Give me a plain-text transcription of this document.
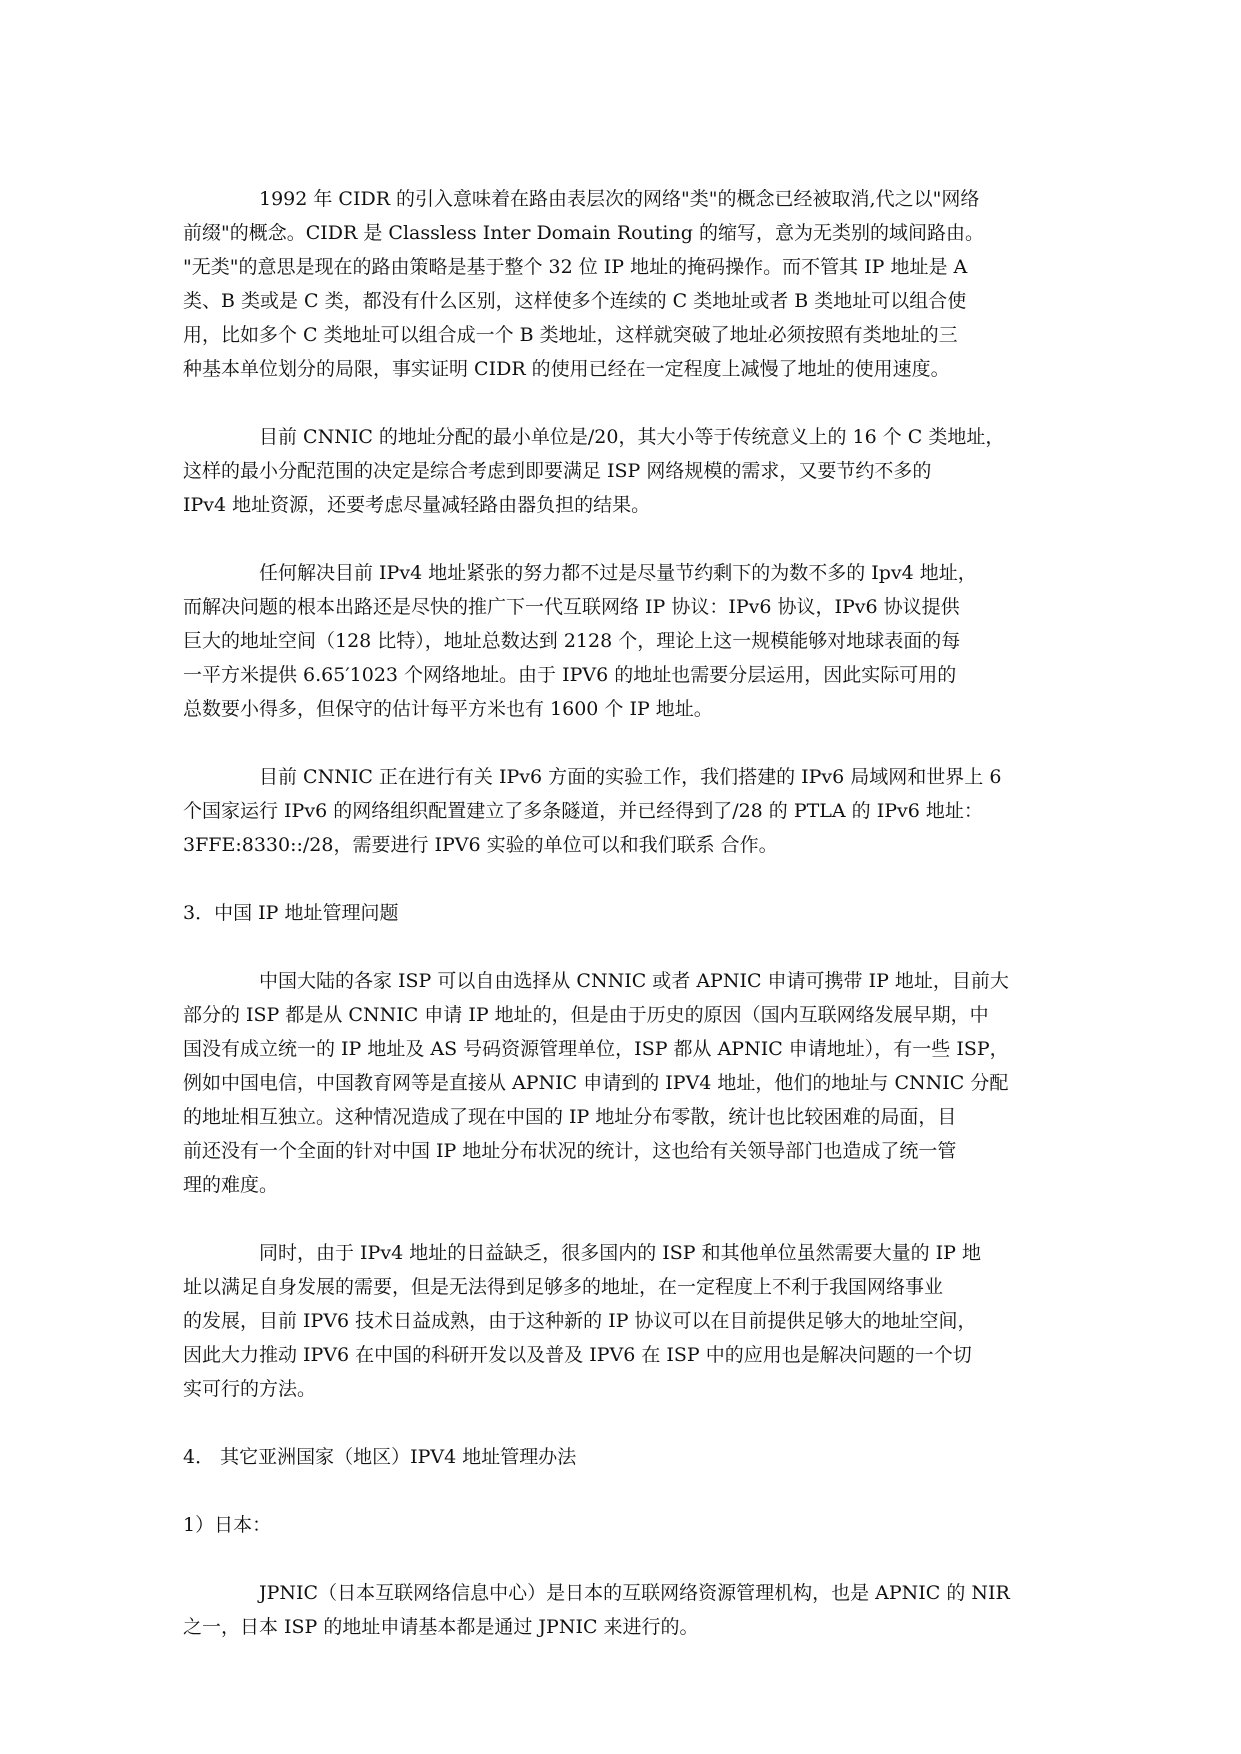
1992 年 CIDR 的引入意味着在路由表层次的网络"类"的概念已经被取消,代之以"网络
前缀"的概念。CIDR 是 Classless Inter Domain Routing 的缩写，意为无类别的域间路由。
"无类"的意思是现在的路由策略是基于整个 32 位 IP 地址的掩码操作。而不管其 IP 地址是 A
类、B 类或是 C 类，都没有什么区别，这样使多个连续的 C 类地址或者 B 类地址可以组合使
用，比如多个 C 类地址可以组合成一个 B 类地址，这样就突破了地址必须按照有类地址的三
种基本单位划分的局限，事实证明 CIDR 的使用已经在一定程度上减慢了地址的使用速度。
目前 CNNIC 的地址分配的最小单位是/20，其大小等于传统意义上的 16 个 C 类地址，
这样的最小分配范围的决定是综合考虑到即要满足 ISP 网络规模的需求，又要节约不多的
IPv4 地址资源，还要考虑尽量减轻路由器负担的结果。
任何解决目前 IPv4 地址紧张的努力都不过是尽量节约剩下的为数不多的 Ipv4 地址，
而解决问题的根本出路还是尽快的推广下一代互联网络 IP 协议：IPv6 协议，IPv6 协议提供
巨大的地址空间（128 比特），地址总数达到 2128 个，理论上这一规模能够对地球表面的每
一平方米提供 6.65′1023 个网络地址。由于 IPV6 的地址也需要分层运用，因此实际可用的
总数要小得多，但保守的估计每平方米也有 1600 个 IP 地址。
目前 CNNIC 正在进行有关 IPv6 方面的实验工作，我们搭建的 IPv6 局域网和世界上 6
个国家运行 IPv6 的网络组织配置建立了多条隧道，并已经得到了/28 的 PTLA 的 IPv6 地址：
3FFE:8330::/28，需要进行 IPV6 实验的单位可以和我们联系 合作。
3．中国 IP 地址管理问题
中国大陆的各家 ISP 可以自由选择从 CNNIC 或者 APNIC 申请可携带 IP 地址，目前大
部分的 ISP 都是从 CNNIC 申请 IP 地址的，但是由于历史的原因（国内互联网络发展早期，中
国没有成立统一的 IP 地址及 AS 号码资源管理单位，ISP 都从 APNIC 申请地址），有一些 ISP，
例如中国电信，中国教育网等是直接从 APNIC 申请到的 IPV4 地址，他们的地址与 CNNIC 分配
的地址相互独立。这种情况造成了现在中国的 IP 地址分布零散，统计也比较困难的局面，目
前还没有一个全面的针对中国 IP 地址分布状况的统计，这也给有关领导部门也造成了统一管
理的难度。
同时，由于 IPv4 地址的日益缺乏，很多国内的 ISP 和其他单位虽然需要大量的 IP 地
址以满足自身发展的需要，但是无法得到足够多的地址，在一定程度上不利于我国网络事业
的发展，目前 IPV6 技术日益成熟，由于这种新的 IP 协议可以在目前提供足够大的地址空间，
因此大力推动 IPV6 在中国的科研开发以及普及 IPV6 在 ISP 中的应用也是解决问题的一个切
实可行的方法。
4． 其它亚洲国家（地区）IPV4 地址管理办法
1）日本：
JPNIC（日本互联网络信息中心）是日本的互联网络资源管理机构，也是 APNIC 的 NIR
之一，日本 ISP 的地址申请基本都是通过 JPNIC 来进行的。
